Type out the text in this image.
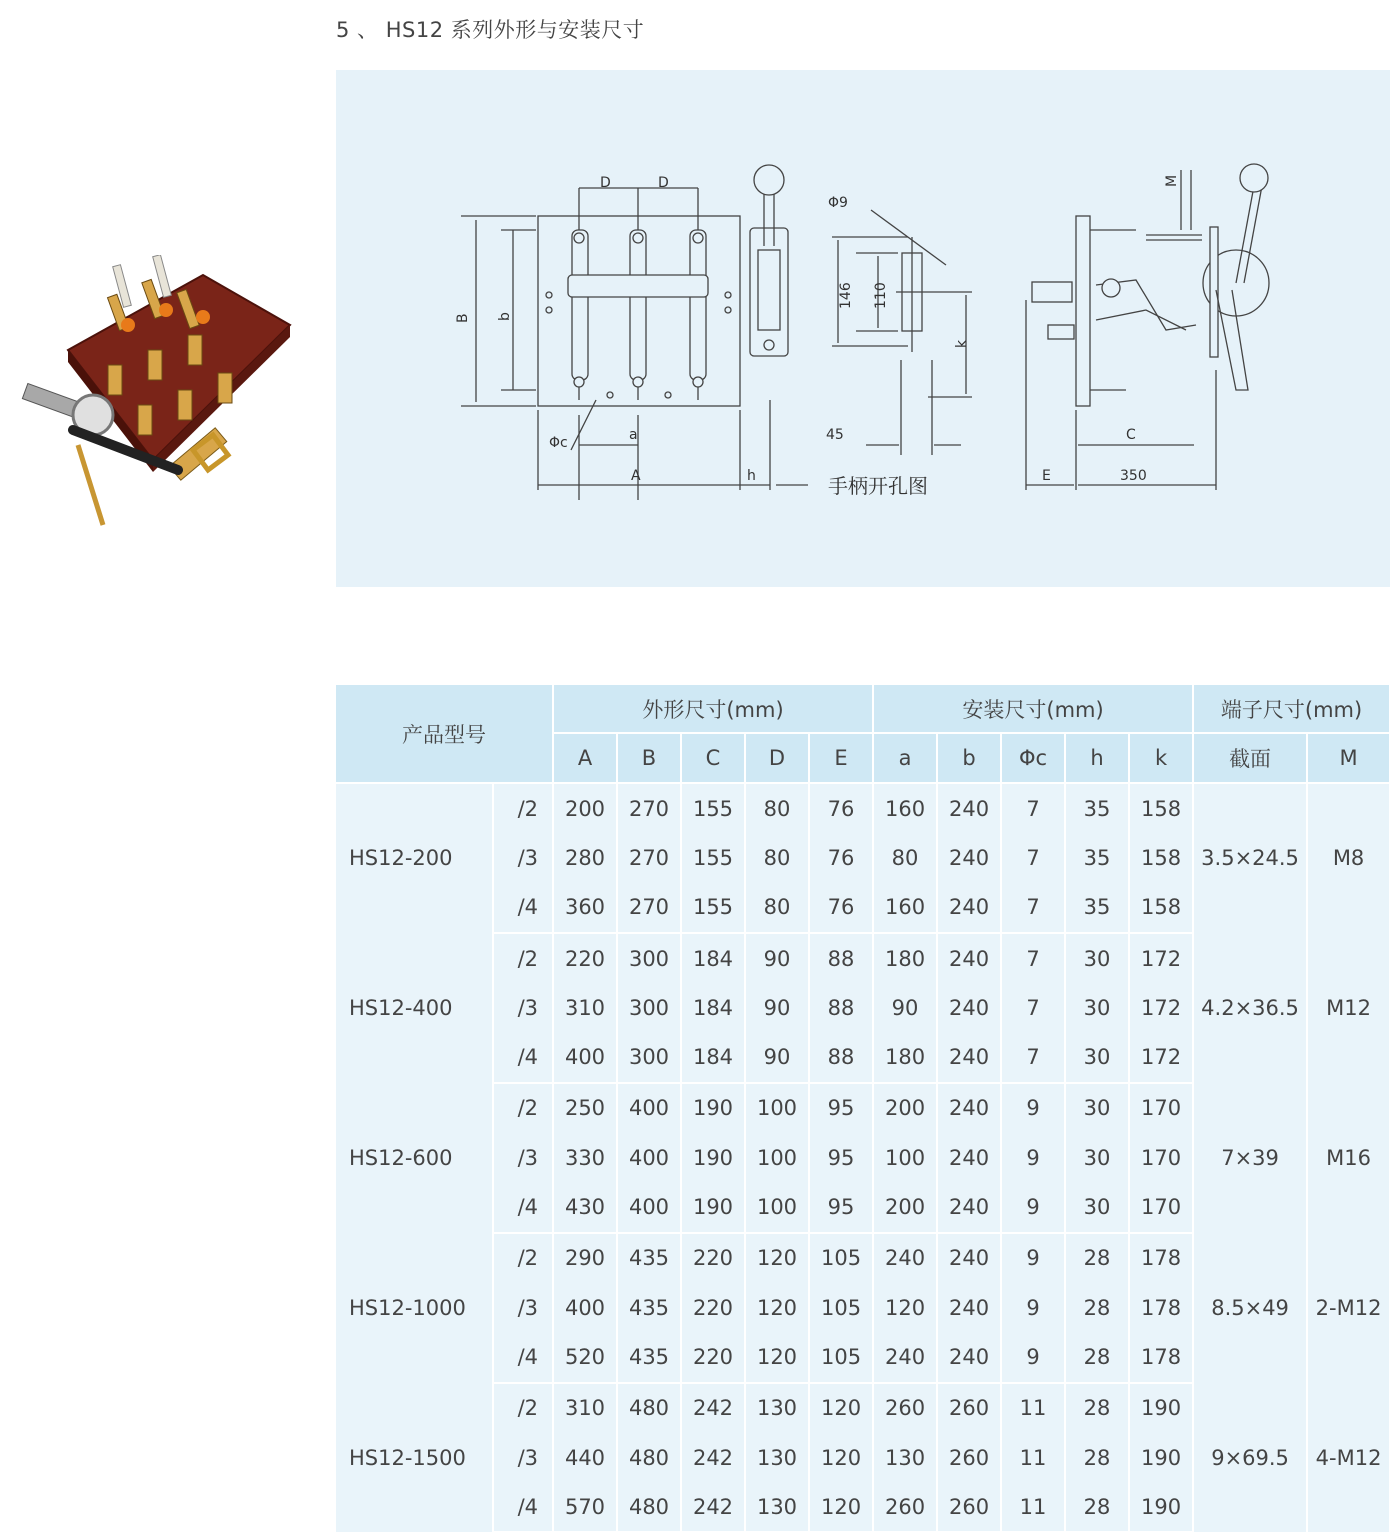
5 、 HS12 系列外形与安装尺寸
D	D
B b
Φc	a
A	h
Φ9
146 110
k
45
手柄开孔图
M
C
E	350
产品型号		外形尺寸(mm)					安装尺寸(mm)					端子尺寸(mm)	
		A	B	C	D	E	a	b	Φc	h	k	截面	M
HS12-200	/2	200	270	155	80	76	160	240	7	35	158	3.5×24.5	M8
	/3	280	270	155	80	76	80	240	7	35	158		
	/4	360	270	155	80	76	160	240	7	35	158		
HS12-400	/2	220	300	184	90	88	180	240	7	30	172	4.2×36.5	M12
	/3	310	300	184	90	88	90	240	7	30	172		
	/4	400	300	184	90	88	180	240	7	30	172		
HS12-600	/2	250	400	190	100	95	200	240	9	30	170	7×39	M16
	/3	330	400	190	100	95	100	240	9	30	170		
	/4	430	400	190	100	95	200	240	9	30	170		
HS12-1000	/2	290	435	220	120	105	240	240	9	28	178	8.5×49	2-M12
	/3	400	435	220	120	105	120	240	9	28	178		
	/4	520	435	220	120	105	240	240	9	28	178		
HS12-1500	/2	310	480	242	130	120	260	260	11	28	190	9×69.5	4-M12
	/3	440	480	242	130	120	130	260	11	28	190		
	/4	570	480	242	130	120	260	260	11	28	190		
